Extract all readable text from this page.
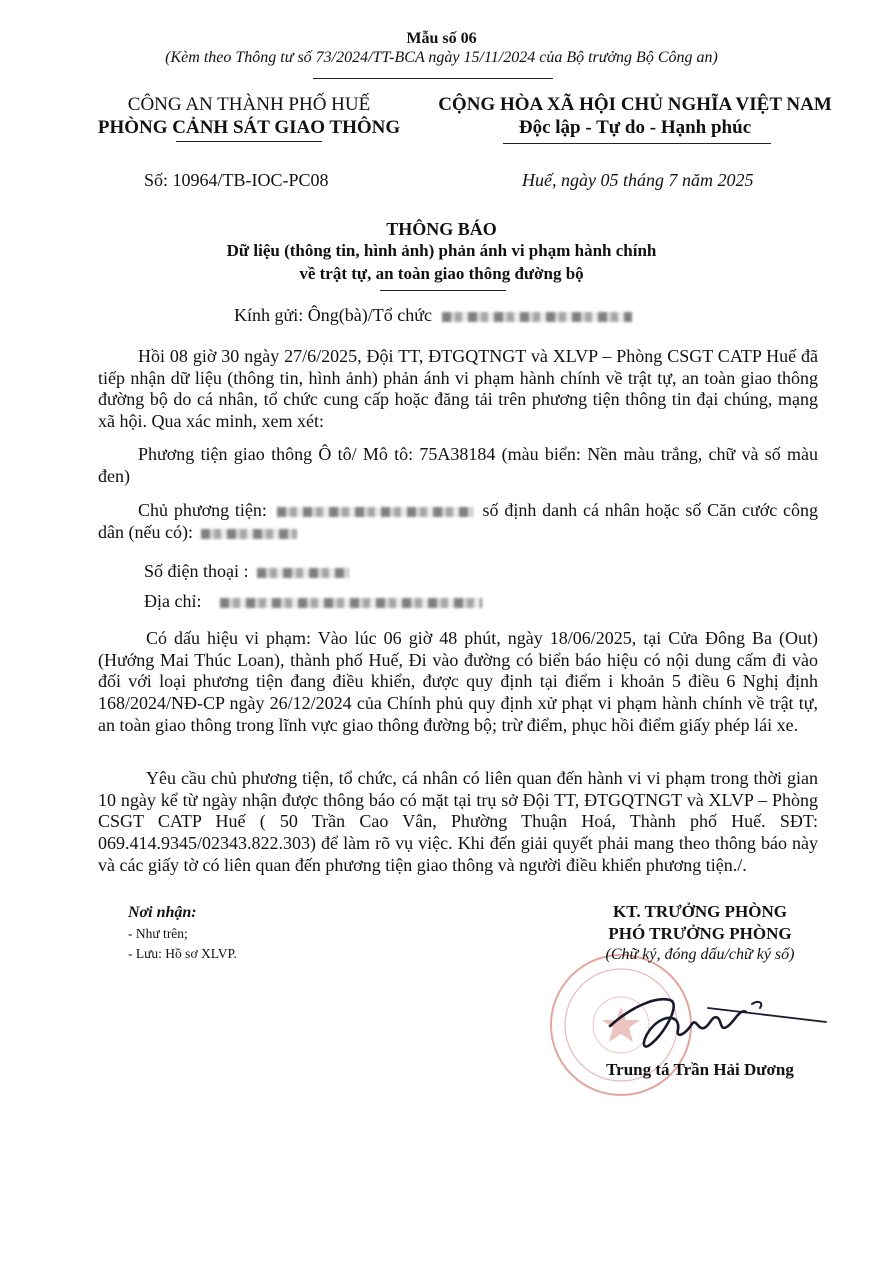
Mẫu số 06
(Kèm theo Thông tư số 73/2024/TT-BCA ngày 15/11/2024 của Bộ trưởng Bộ Công an)
CÔNG AN THÀNH PHỐ HUẾ
PHÒNG CẢNH SÁT GIAO THÔNG
CỘNG HÒA XÃ HỘI CHỦ NGHĨA VIỆT NAM
Độc lập - Tự do - Hạnh phúc
Số: 10964/TB-IOC-PC08	Huế, ngày 05 tháng 7 năm 2025
THÔNG BÁO
Dữ liệu (thông tin, hình ảnh) phản ánh vi phạm hành chính
về trật tự, an toàn giao thông đường bộ
Kính gửi: Ông(bà)/Tổ chức
Hồi 08 giờ 30 ngày 27/6/2025, Đội TT, ĐTGQTNGT và XLVP – Phòng CSGT CATP Huế đã tiếp nhận dữ liệu (thông tin, hình ảnh) phản ánh vi phạm hành chính về trật tự, an toàn giao thông đường bộ do cá nhân, tổ chức cung cấp hoặc đăng tải trên phương tiện thông tin đại chúng, mạng xã hội. Qua xác minh, xem xét:
Phương tiện giao thông Ô tô/ Mô tô: 75A38184 (màu biển: Nền màu trắng, chữ và số màu đen)
Chủ phương tiện:	số định danh cá nhân hoặc số Căn cước công dân (nếu có):
Số điện thoại :
Địa chỉ:
Có dấu hiệu vi phạm: Vào lúc 06 giờ 48 phút, ngày 18/06/2025, tại Cửa Đông Ba (Out) (Hướng Mai Thúc Loan), thành phố Huế, Đi vào đường có biển báo hiệu có nội dung cấm đi vào đối với loại phương tiện đang điều khiển, được quy định tại điểm i khoản 5 điều 6 Nghị định 168/2024/NĐ-CP ngày 26/12/2024 của Chính phủ quy định xử phạt vi phạm hành chính về trật tự, an toàn giao thông trong lĩnh vực giao thông đường bộ; trừ điểm, phục hồi điểm giấy phép lái xe.
Yêu cầu chủ phương tiện, tổ chức, cá nhân có liên quan đến hành vi vi phạm trong thời gian 10 ngày kể từ ngày nhận được thông báo có mặt tại trụ sở Đội TT, ĐTGQTNGT và XLVP – Phòng CSGT CATP Huế ( 50 Trần Cao Vân, Phường Thuận Hoá, Thành phố Huế. SĐT: 069.414.9345/02343.822.303) để làm rõ vụ việc. Khi đến giải quyết phải mang theo thông báo này và các giấy tờ có liên quan đến phương tiện giao thông và người điều khiển phương tiện./.
Nơi nhận:
- Như trên;
- Lưu: Hồ sơ XLVP.
KT. TRƯỞNG PHÒNG
PHÓ TRƯỞNG PHÒNG
(Chữ ký, đóng dấu/chữ ký số)
Trung tá Trần Hải Dương
